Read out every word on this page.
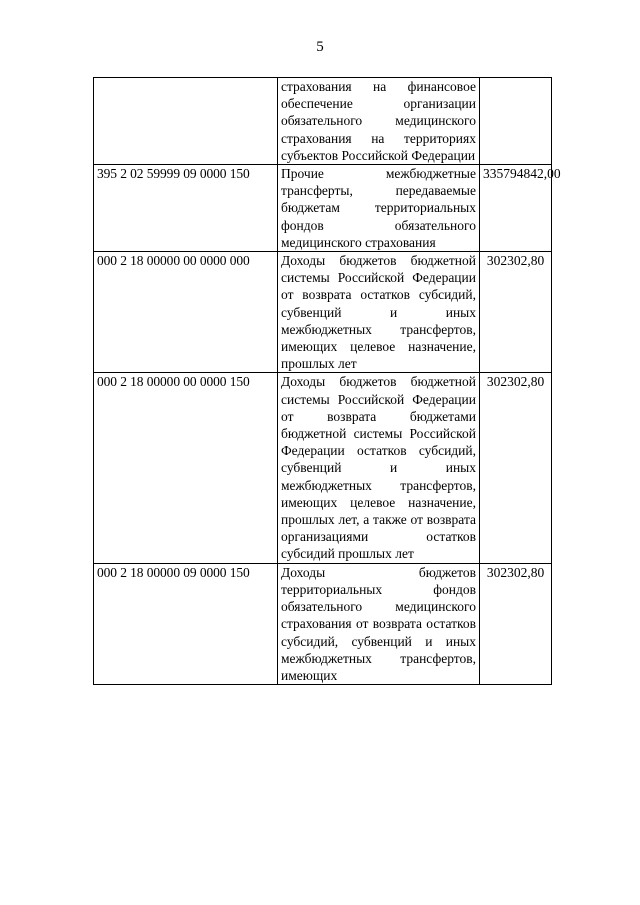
5
	страхования на финансовое обеспечение организации обязательного медицинского страхования на территориях субъектов Российской Федерации	
395 2 02 59999 09 0000 150	Прочие межбюджетные трансферты, передаваемые бюджетам территориальных фондов обязательного медицинского страхования	335794842,00
000 2 18 00000 00 0000 000	Доходы бюджетов бюджетной системы Российской Федерации от возврата остатков субсидий, субвенций и иных межбюджетных трансфертов, имеющих целевое назначение, прошлых лет	302302,80
000 2 18 00000 00 0000 150	Доходы бюджетов бюджетной системы Российской Федерации от возврата бюджетами бюджетной системы Российской Федерации остатков субсидий, субвенций и иных межбюджетных трансфертов, имеющих целевое назначение, прошлых лет, а также от возврата организациями остатков субсидий прошлых лет	302302,80
000 2 18 00000 09 0000 150	Доходы бюджетов территориальных фондов обязательного медицинского страхования от возврата остатков субсидий, субвенций и иных межбюджетных трансфертов, имеющих	302302,80
